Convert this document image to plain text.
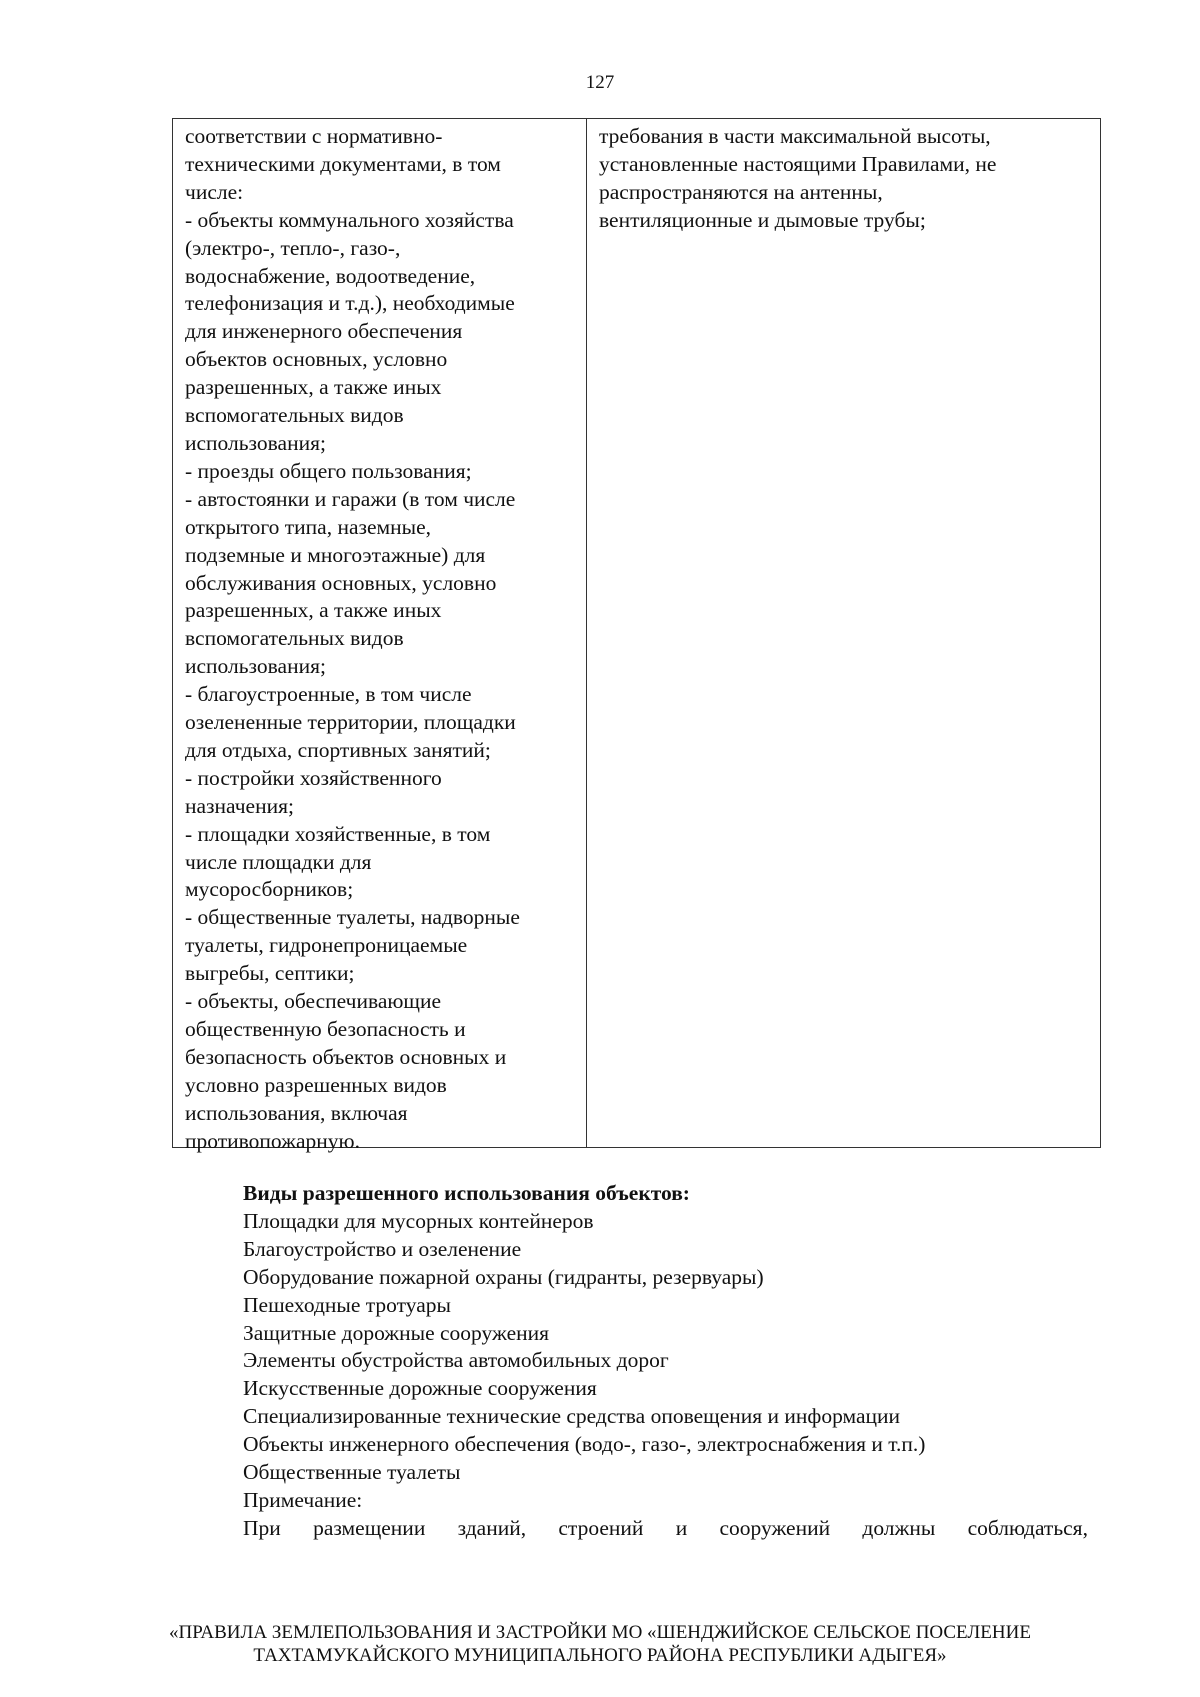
127
соответствии с нормативно-
техническими документами, в том
числе:
- объекты коммунального хозяйства
(электро-, тепло-, газо-,
водоснабжение, водоотведение,
телефонизация и т.д.), необходимые
для инженерного обеспечения
объектов основных, условно
разрешенных, а также иных
вспомогательных видов
использования;
- проезды общего пользования;
- автостоянки и гаражи (в том числе
открытого типа, наземные,
подземные и многоэтажные) для
обслуживания основных, условно
разрешенных, а также иных
вспомогательных видов
использования;
- благоустроенные, в том числе
озелененные территории, площадки
для отдыха, спортивных занятий;
- постройки хозяйственного
назначения;
- площадки хозяйственные, в том
числе площадки для
мусоросборников;
- общественные туалеты, надворные
туалеты, гидронепроницаемые
выгребы, септики;
- объекты, обеспечивающие
общественную безопасность и
безопасность объектов основных и
условно разрешенных видов
использования, включая
противопожарную.
требования в части максимальной высоты,
установленные настоящими Правилами, не
распространяются на антенны,
вентиляционные и дымовые трубы;
Виды разрешенного использования объектов:
Площадки для мусорных контейнеров
Благоустройство и озеленение
Оборудование пожарной охраны (гидранты, резервуары)
Пешеходные тротуары
Защитные дорожные сооружения
Элементы обустройства автомобильных дорог
Искусственные дорожные сооружения
Специализированные технические средства оповещения и информации
Объекты инженерного обеспечения (водо-, газо-, электроснабжения и т.п.)
Общественные туалеты
Примечание:
При размещении зданий, строений и сооружений должны соблюдаться,
«ПРАВИЛА ЗЕМЛЕПОЛЬЗОВАНИЯ И ЗАСТРОЙКИ МО «ШЕНДЖИЙСКОЕ СЕЛЬСКОЕ ПОСЕЛЕНИЕ
ТАХТАМУКАЙСКОГО МУНИЦИПАЛЬНОГО РАЙОНА РЕСПУБЛИКИ АДЫГЕЯ»
